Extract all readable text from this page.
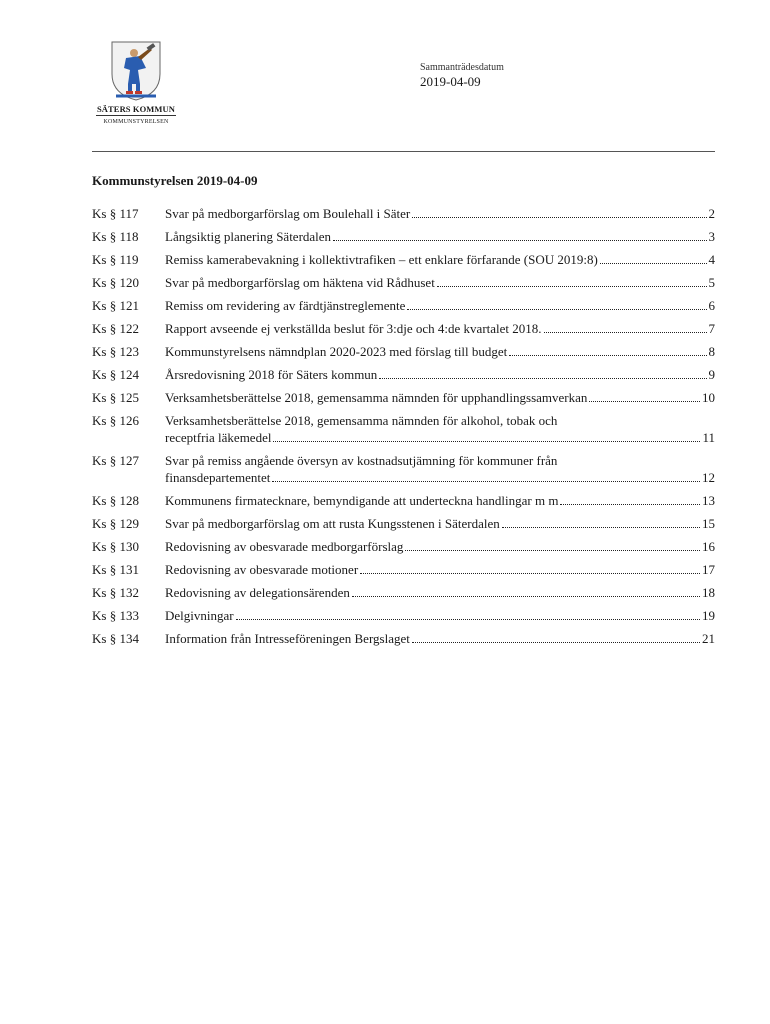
SÄTERS KOMMUN
KOMMUNSTYRELSEN
Sammanträdesdatum
2019-04-09
Kommunstyrelsen 2019-04-09
Ks § 117	Svar på medborgarförslag om Boulehall i Säter	2
Ks § 118	Långsiktig planering Säterdalen	3
Ks § 119	Remiss kamerabevakning i kollektivtrafiken – ett enklare förfarande (SOU 2019:8)	4
Ks § 120	Svar på medborgarförslag om häktena vid Rådhuset	5
Ks § 121	Remiss om revidering av färdtjänstreglemente	6
Ks § 122	Rapport avseende ej verkställda beslut för 3:dje och 4:de kvartalet 2018.	7
Ks § 123	Kommunstyrelsens nämndplan 2020-2023 med förslag till budget	8
Ks § 124	Årsredovisning 2018 för Säters kommun	9
Ks § 125	Verksamhetsberättelse 2018, gemensamma nämnden för upphandlingssamverkan	10
Ks § 126	Verksamhetsberättelse 2018, gemensamma nämnden för alkohol, tobak och
receptfria läkemedel	11
Ks § 127	Svar på remiss angående översyn av kostnadsutjämning för kommuner från
finansdepartementet	12
Ks § 128	Kommunens firmatecknare, bemyndigande att underteckna handlingar m m	13
Ks § 129	Svar på medborgarförslag om att rusta Kungsstenen i Säterdalen	15
Ks § 130	Redovisning av obesvarade medborgarförslag	16
Ks § 131	Redovisning av obesvarade motioner	17
Ks § 132	Redovisning av delegationsärenden	18
Ks § 133	Delgivningar	19
Ks § 134	Information från Intresseföreningen Bergslaget	21
